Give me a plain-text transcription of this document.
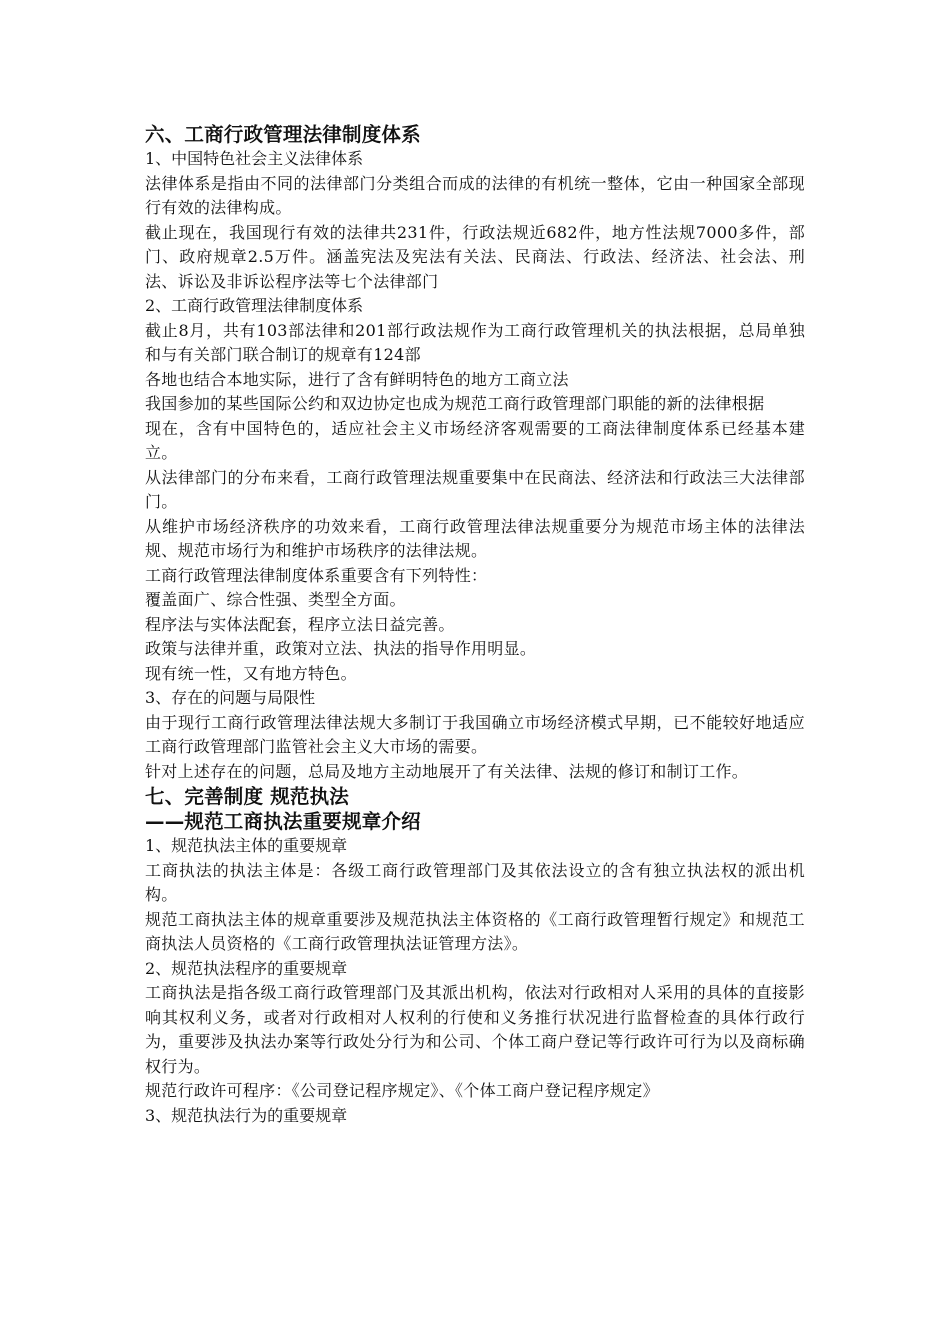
六、工商行政管理法律制度体系

1、中国特色社会主义法律体系

法律体系是指由不同的法律部门分类组合而成的法律的有机统一整体，它由一种国家全部现行有效的法律构成。

截止现在，我国现行有效的法律共231件，行政法规近682件，地方性法规7000多件，部门、政府规章2.5万件。涵盖宪法及宪法有关法、民商法、行政法、经济法、社会法、刑法、诉讼及非诉讼程序法等七个法律部门

2、工商行政管理法律制度体系

截止8月，共有103部法律和201部行政法规作为工商行政管理机关的执法根据，总局单独和与有关部门联合制订的规章有124部

各地也结合本地实际，进行了含有鲜明特色的地方工商立法

我国参加的某些国际公约和双边协定也成为规范工商行政管理部门职能的新的法律根据

现在，含有中国特色的，适应社会主义市场经济客观需要的工商法律制度体系已经基本建立。

从法律部门的分布来看，工商行政管理法规重要集中在民商法、经济法和行政法三大法律部门。

从维护市场经济秩序的功效来看，工商行政管理法律法规重要分为规范市场主体的法律法规、规范市场行为和维护市场秩序的法律法规。

工商行政管理法律制度体系重要含有下列特性：

覆盖面广、综合性强、类型全方面。

程序法与实体法配套，程序立法日益完善。

政策与法律并重，政策对立法、执法的指导作用明显。

现有统一性，又有地方特色。

3、存在的问题与局限性

由于现行工商行政管理法律法规大多制订于我国确立市场经济模式早期，已不能较好地适应工商行政管理部门监管社会主义大市场的需要。

针对上述存在的问题，总局及地方主动地展开了有关法律、法规的修订和制订工作。

七、完善制度 规范执法

——规范工商执法重要规章介绍

1、规范执法主体的重要规章

工商执法的执法主体是：各级工商行政管理部门及其依法设立的含有独立执法权的派出机构。

规范工商执法主体的规章重要涉及规范执法主体资格的《工商行政管理暂行规定》和规范工商执法人员资格的《工商行政管理执法证管理方法》。

2、规范执法程序的重要规章

工商执法是指各级工商行政管理部门及其派出机构，依法对行政相对人采用的具体的直接影响其权利义务，或者对行政相对人权利的行使和义务推行状况进行监督检查的具体行政行为，重要涉及执法办案等行政处分行为和公司、个体工商户登记等行政许可行为以及商标确权行为。

规范行政许可程序：《公司登记程序规定》、《个体工商户登记程序规定》

3、规范执法行为的重要规章
